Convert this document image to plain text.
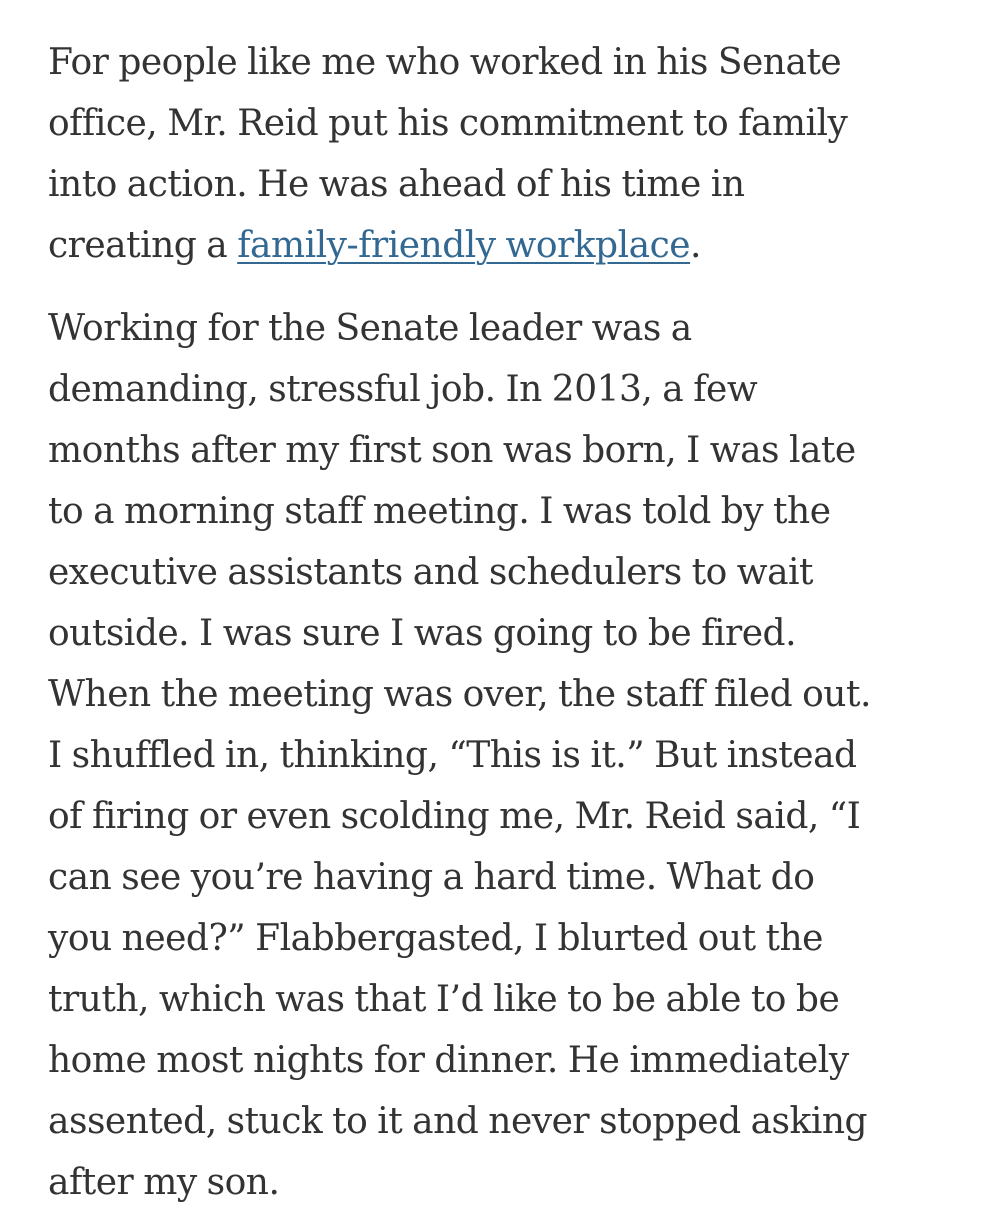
For people like me who worked in his Senate
office, Mr. Reid put his commitment to family
into action. He was ahead of his time in
creating a family-friendly workplace.

Working for the Senate leader was a
demanding, stressful job. In 2013, a few
months after my first son was born, I was late
to a morning staff meeting. I was told by the
executive assistants and schedulers to wait
outside. I was sure I was going to be fired.
When the meeting was over, the staff filed out.
I shuffled in, thinking, “This is it.” But instead
of firing or even scolding me, Mr. Reid said, “I
can see you’re having a hard time. What do
you need?” Flabbergasted, I blurted out the
truth, which was that I’d like to be able to be
home most nights for dinner. He immediately
assented, stuck to it and never stopped asking
after my son.
